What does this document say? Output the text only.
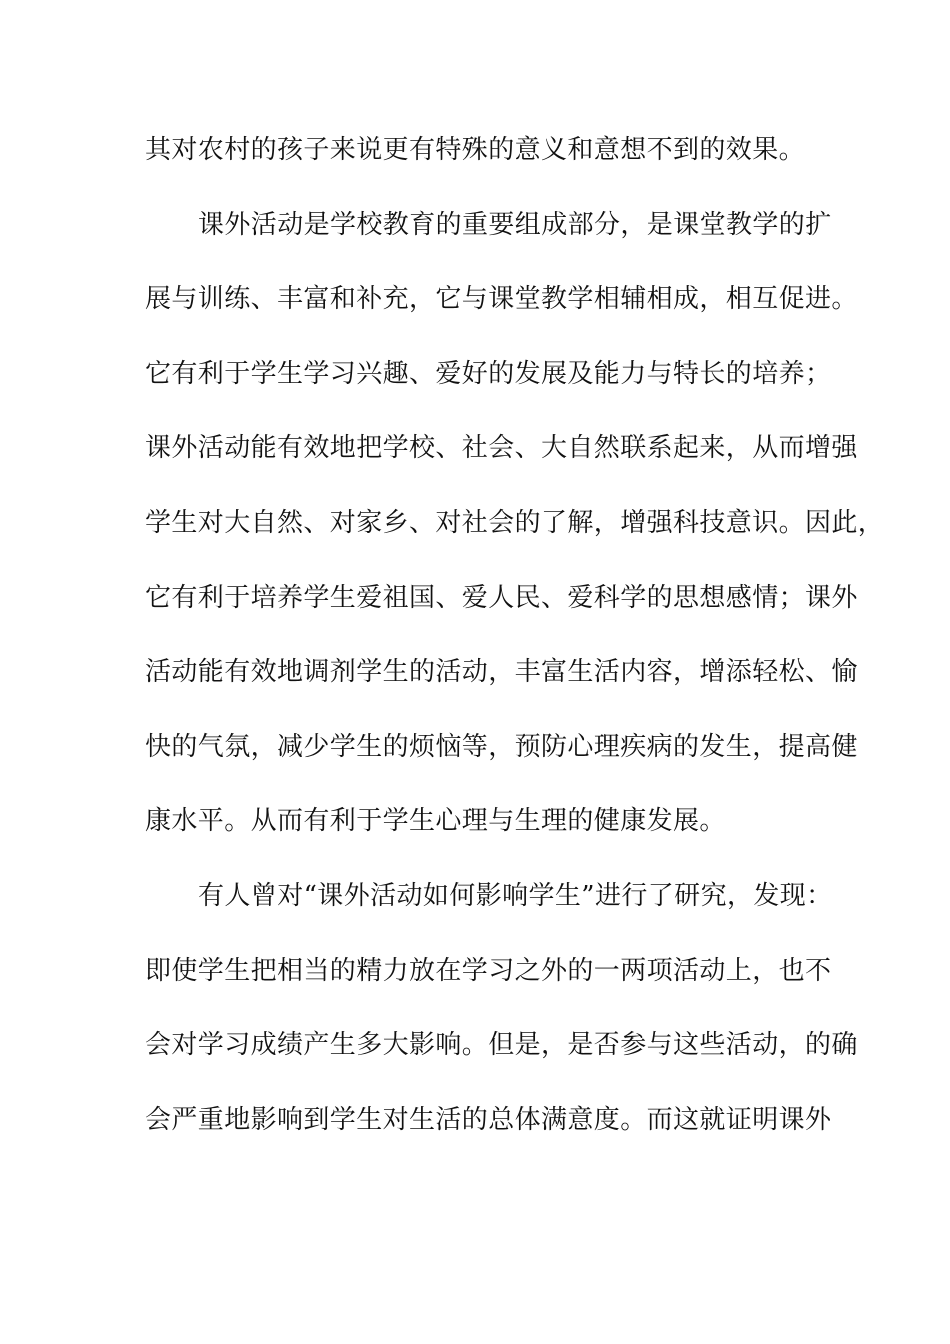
其对农村的孩子来说更有特殊的意义和意想不到的效果。
课外活动是学校教育的重要组成部分，是课堂教学的扩
展与训练、丰富和补充，它与课堂教学相辅相成，相互促进。
它有利于学生学习兴趣、爱好的发展及能力与特长的培养；
课外活动能有效地把学校、社会、大自然联系起来，从而增强
学生对大自然、对家乡、对社会的了解，增强科技意识。因此，
它有利于培养学生爱祖国、爱人民、爱科学的思想感情；课外
活动能有效地调剂学生的活动，丰富生活内容，增添轻松、愉
快的气氛，减少学生的烦恼等，预防心理疾病的发生，提高健
康水平。从而有利于学生心理与生理的健康发展。
有人曾对“课外活动如何影响学生”进行了研究，发现：
即使学生把相当的精力放在学习之外的一两项活动上，也不
会对学习成绩产生多大影响。但是，是否参与这些活动，的确
会严重地影响到学生对生活的总体满意度。而这就证明课外
